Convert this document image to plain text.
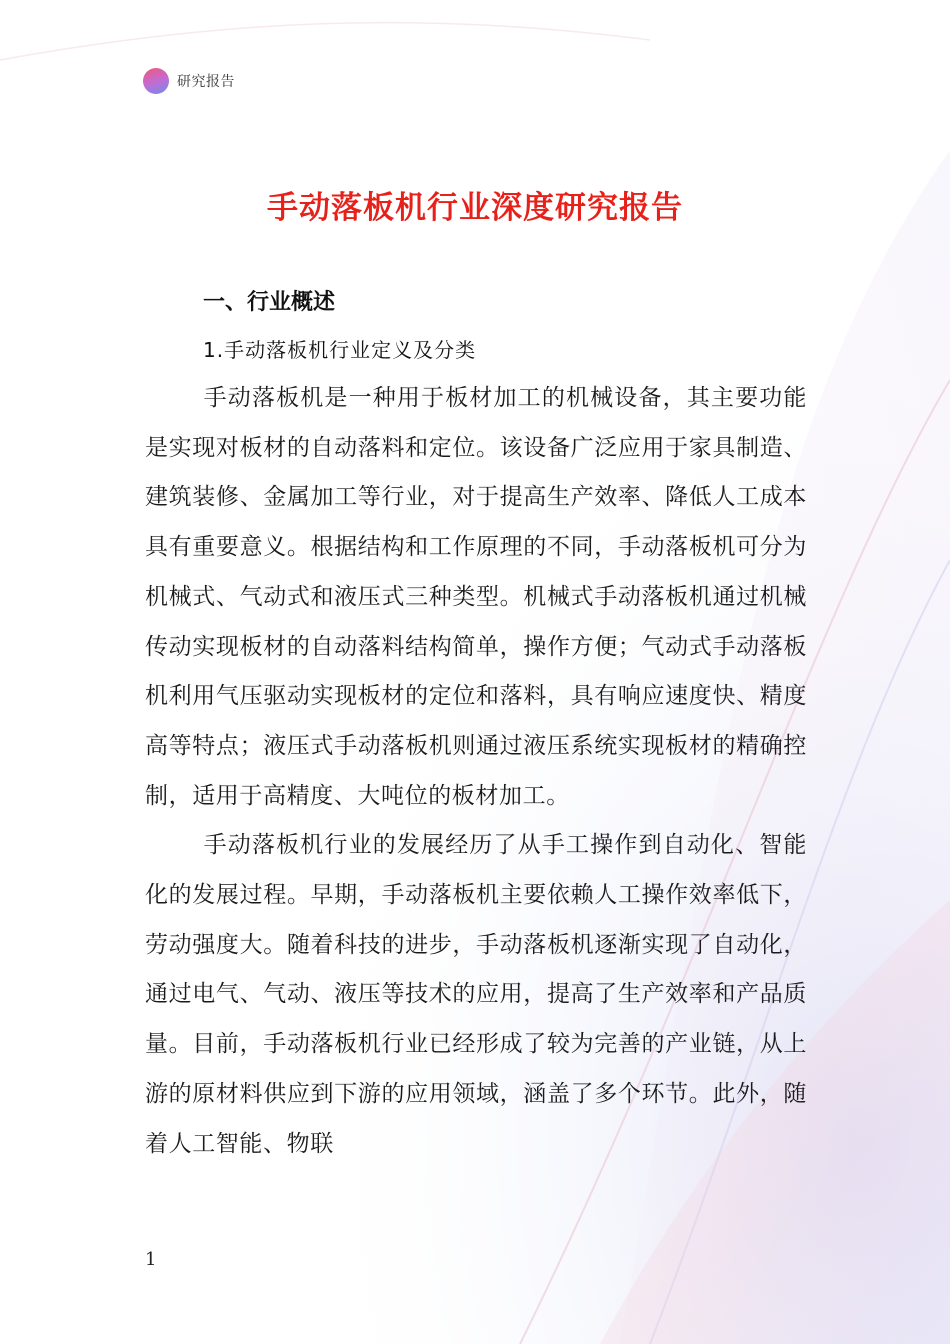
研究报告
手动落板机行业深度研究报告
一、行业概述
1.手动落板机行业定义及分类

手动落板机是一种用于板材加工的机械设备，其主要功能是实现对板材的自动落料和定位。该设备广泛应用于家具制造、建筑装修、金属加工等行业，对于提高生产效率、降低人工成本具有重要意义。根据结构和工作原理的不同，手动落板机可分为机械式、气动式和液压式三种类型。机械式手动落板机通过机械传动实现板材的自动落料结构简单，操作方便；气动式手动落板机利用气压驱动实现板材的定位和落料，具有响应速度快、精度高等特点；液压式手动落板机则通过液压系统实现板材的精确控制，适用于高精度、大吨位的板材加工。

手动落板机行业的发展经历了从手工操作到自动化、智能化的发展过程。早期，手动落板机主要依赖人工操作效率低下，劳动强度大。随着科技的进步，手动落板机逐渐实现了自动化，通过电气、气动、液压等技术的应用，提高了生产效率和产品质量。目前，手动落板机行业已经形成了较为完善的产业链，从上游的原材料供应到下游的应用领域，涵盖了多个环节。此外，随着人工智能、物联

1
